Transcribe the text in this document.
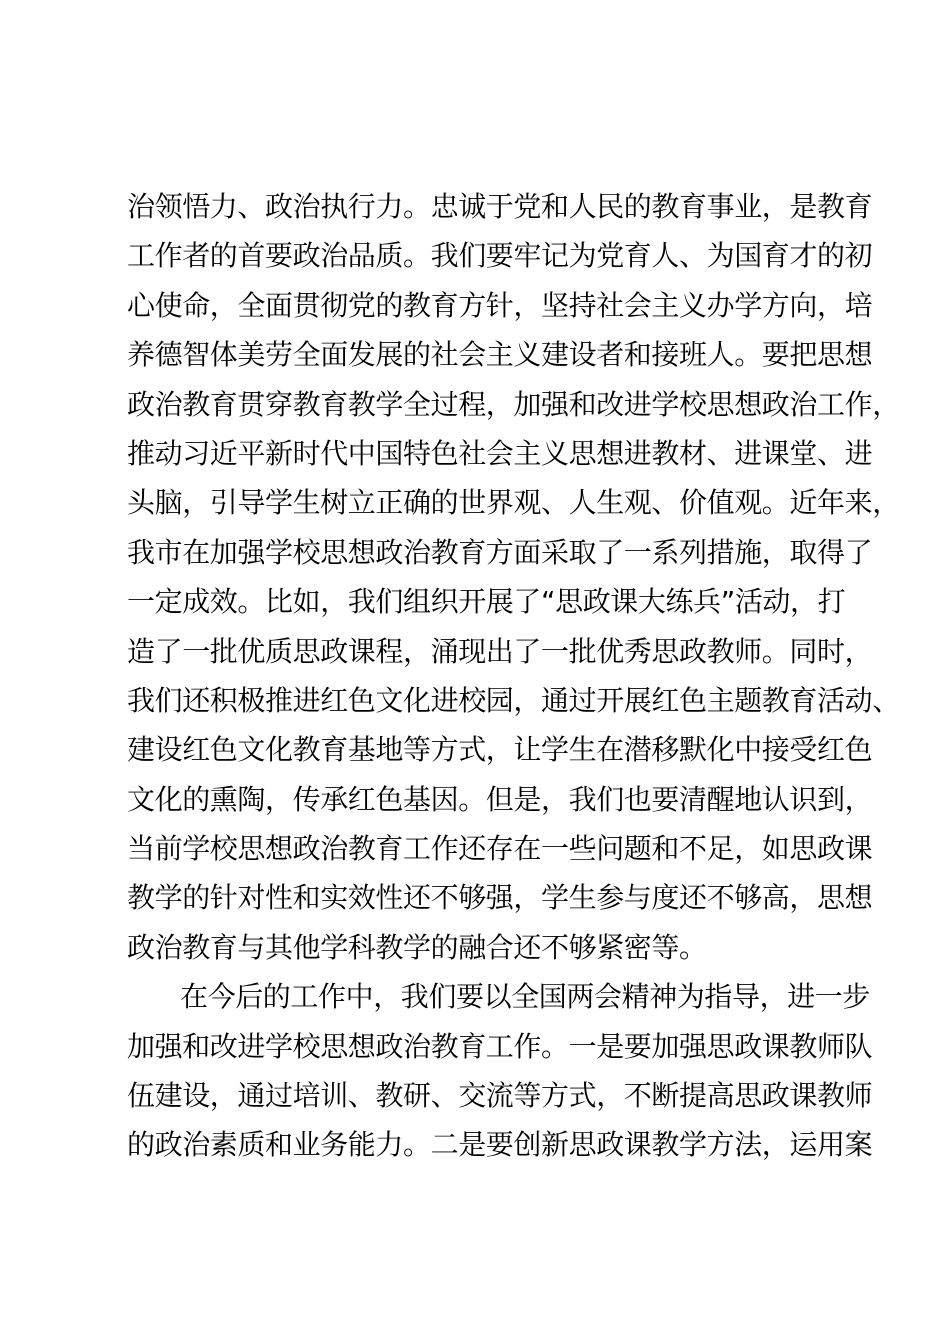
治领悟力、政治执行力。忠诚于党和人民的教育事业，是教育
工作者的首要政治品质。我们要牢记为党育人、为国育才的初
心使命，全面贯彻党的教育方针，坚持社会主义办学方向，培
养德智体美劳全面发展的社会主义建设者和接班人。要把思想
政治教育贯穿教育教学全过程，加强和改进学校思想政治工作，
推动习近平新时代中国特色社会主义思想进教材、进课堂、进
头脑，引导学生树立正确的世界观、人生观、价值观。近年来，
我市在加强学校思想政治教育方面采取了一系列措施，取得了
一定成效。比如，我们组织开展了“思政课大练兵”活动，打
造了一批优质思政课程，涌现出了一批优秀思政教师。同时，
我们还积极推进红色文化进校园，通过开展红色主题教育活动、
建设红色文化教育基地等方式，让学生在潜移默化中接受红色
文化的熏陶，传承红色基因。但是，我们也要清醒地认识到，
当前学校思想政治教育工作还存在一些问题和不足，如思政课
教学的针对性和实效性还不够强，学生参与度还不够高，思想
政治教育与其他学科教学的融合还不够紧密等。
在今后的工作中，我们要以全国两会精神为指导，进一步
加强和改进学校思想政治教育工作。一是要加强思政课教师队
伍建设，通过培训、教研、交流等方式，不断提高思政课教师
的政治素质和业务能力。二是要创新思政课教学方法，运用案
